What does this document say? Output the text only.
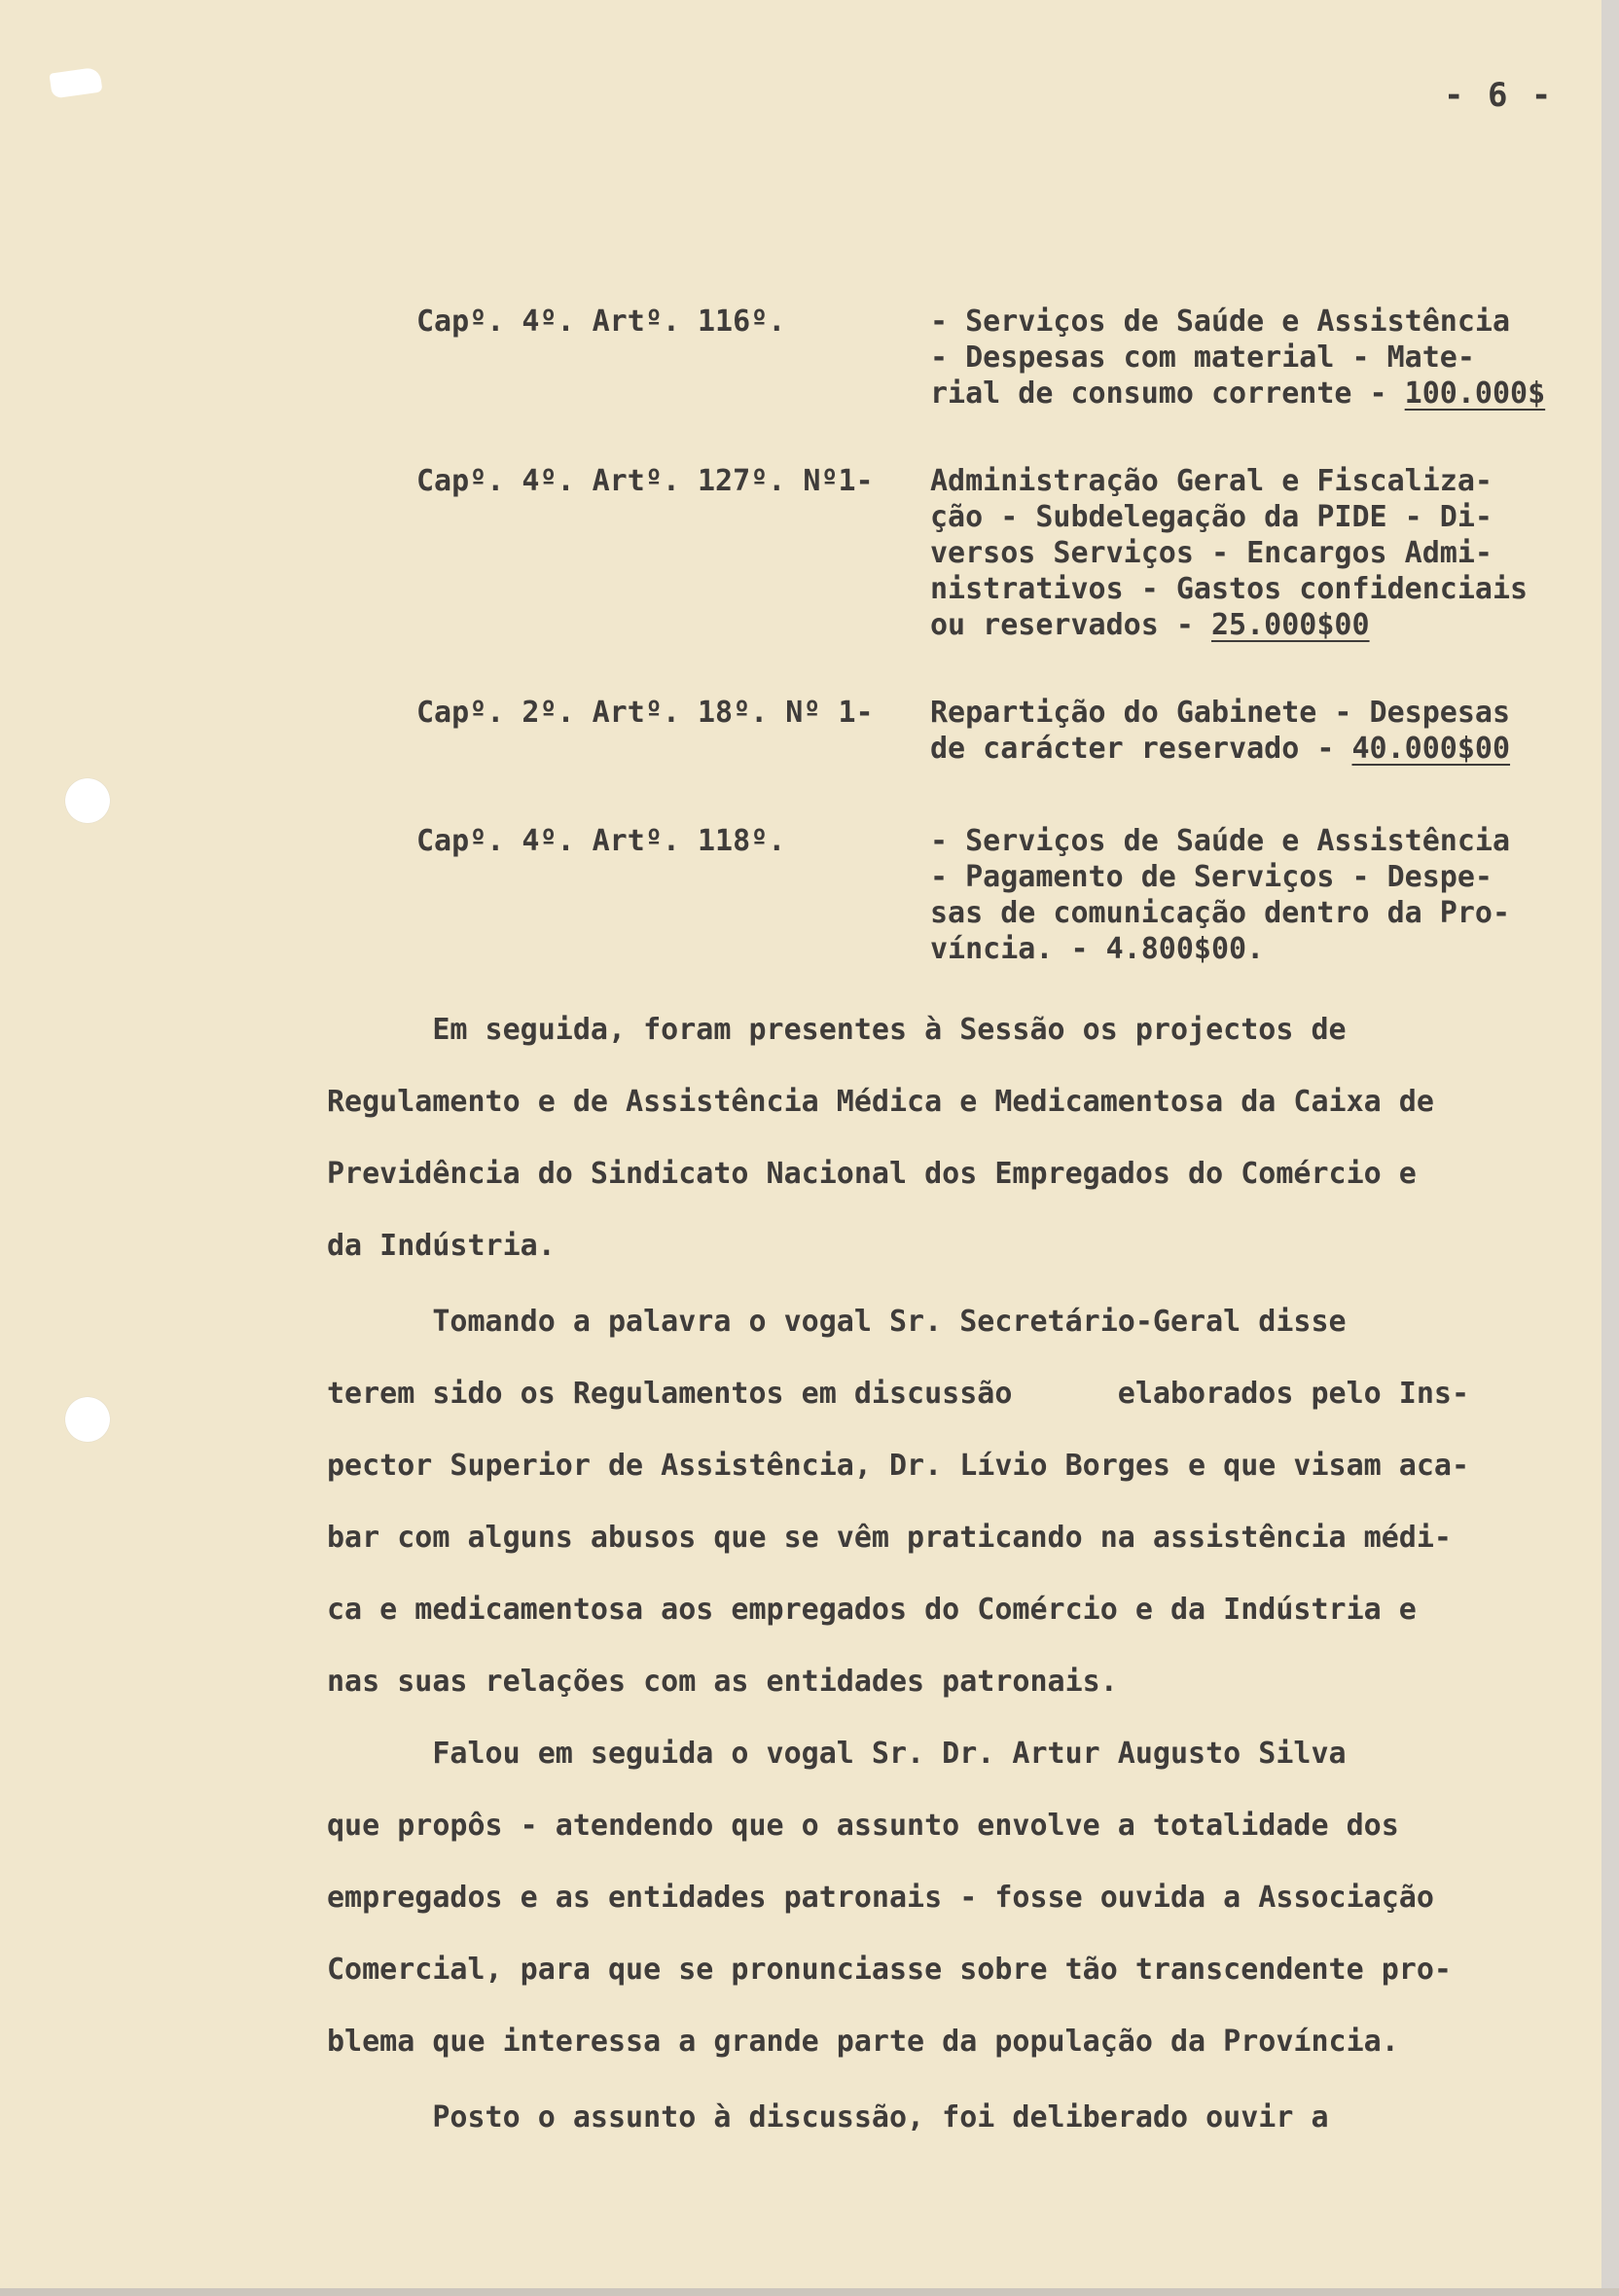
- 6 -
Capº. 4º. Artº. 116º.	- Serviços de Saúde e Assistência
- Despesas com material - Mate-
rial de consumo corrente - 100.000$
Capº. 4º. Artº. 127º. Nº1- Administração Geral e Fiscaliza-
ção - Subdelegação da PIDE - Di-
versos Serviços - Encargos Admi-
nistrativos - Gastos confidenciais
ou reservados - 25.000$00
Capº. 2º. Artº. 18º. Nº 1- Repartição do Gabinete - Despesas
de carácter reservado - 40.000$00
Capº. 4º. Artº. 118º.	- Serviços de Saúde e Assistência
- Pagamento de Serviços - Despe-
sas de comunicação dentro da Pro-
víncia. - 4.800$00.
Em seguida, foram presentes à Sessão os projectos de
Regulamento e de Assistência Médica e Medicamentosa da Caixa de
Previdência do Sindicato Nacional dos Empregados do Comércio e
da Indústria.
Tomando a palavra o vogal Sr. Secretário-Geral disse
terem sido os Regulamentos em discussão      elaborados pelo Ins-
pector Superior de Assistência, Dr. Lívio Borges e que visam aca-
bar com alguns abusos que se vêm praticando na assistência médi-
ca e medicamentosa aos empregados do Comércio e da Indústria e
nas suas relações com as entidades patronais.
Falou em seguida o vogal Sr. Dr. Artur Augusto Silva
que propôs - atendendo que o assunto envolve a totalidade dos
empregados e as entidades patronais - fosse ouvida a Associação
Comercial, para que se pronunciasse sobre tão transcendente pro-
blema que interessa a grande parte da população da Província.
Posto o assunto à discussão, foi deliberado ouvir a
